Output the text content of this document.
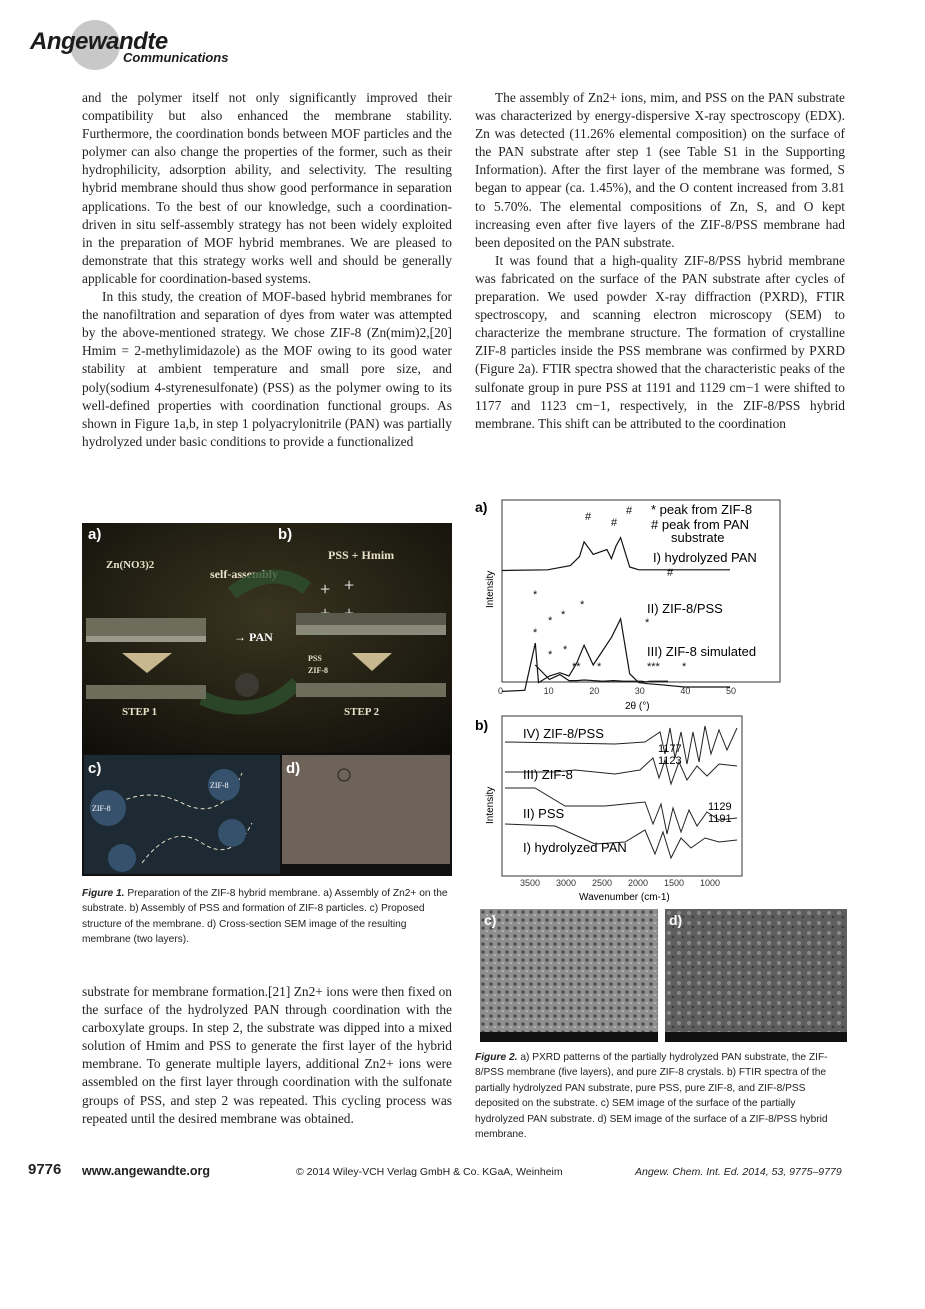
Angewandte
Communications

and the polymer itself not only significantly improved their compatibility but also enhanced the membrane stability. Furthermore, the coordination bonds between MOF particles and the polymer can also change the properties of the former, such as their hydrophilicity, adsorption ability, and selectivity. The resulting hybrid membrane should thus show good performance in separation applications. To the best of our knowledge, such a coordination-driven in situ self-assembly strategy has not been widely exploited in the preparation of MOF hybrid membranes. We are pleased to demonstrate that this strategy works well and should be generally applicable for coordination-based systems.

In this study, the creation of MOF-based hybrid membranes for the nanofiltration and separation of dyes from water was attempted by the above-mentioned strategy. We chose ZIF-8 (Zn(mim)2,[20] Hmim = 2-methylimidazole) as the MOF owing to its good water stability at ambient temperature and small pore size, and poly(sodium 4-styrenesulfonate) (PSS) as the polymer owing to its well-defined properties with coordination functional groups. As shown in Figure 1a,b, in step 1 polyacrylonitrile (PAN) was partially hydrolyzed under basic conditions to provide a functionalized

The assembly of Zn2+ ions, mim, and PSS on the PAN substrate was characterized by energy-dispersive X-ray spectroscopy (EDX). Zn was detected (11.26% elemental composition) on the surface of the PAN substrate after step 1 (see Table S1 in the Supporting Information). After the first layer of the membrane was formed, S began to appear (ca. 1.45%), and the O content increased from 3.81 to 5.70%. The elemental compositions of Zn, S, and O kept increasing even after five layers of the ZIF-8/PSS membrane had been deposited on the PAN substrate.

It was found that a high-quality ZIF-8/PSS hybrid membrane was fabricated on the surface of the PAN substrate after cycles of preparation. We used powder X-ray diffraction (PXRD), FTIR spectroscopy, and scanning electron microscopy (SEM) to characterize the membrane structure. The formation of crystalline ZIF-8 particles inside the PSS membrane was confirmed by PXRD (Figure 2a). FTIR spectra showed that the characteristic peaks of the sulfonate group in pure PSS at 1191 and 1129 cm−1 were shifted to 1177 and 1123 cm−1, respectively, in the ZIF-8/PSS hybrid membrane. This shift can be attributed to the coordination

substrate for membrane formation.[21] Zn2+ ions were then fixed on the surface of the hydrolyzed PAN through coordination with the carboxylate groups. In step 2, the substrate was dipped into a mixed solution of Hmim and PSS to generate the first layer of the hybrid membrane. To generate multiple layers, additional Zn2+ ions were assembled on the first layer through coordination with the sulfonate groups of PSS, and step 2 was repeated. This cycling process was repeated until the desired membrane was obtained.

a)	b)
Zn(NO3)2
self-assembly
PSS + Hmim
+ +
→ PAN
PSS
ZIF-8
STEP 1	STEP 2
c)
ZIF-8
ZIF-8
d)
Figure 1. Preparation of the ZIF-8 hybrid membrane. a) Assembly of Zn2+ on the substrate. b) Assembly of PSS and formation of ZIF-8 particles. c) Proposed structure of the membrane. d) Cross-section SEM image of the resulting membrane (two layers).
a)
Intensity
0	10	20	30	40	50
2θ (°)
* peak from ZIF-8
# peak from PAN
substrate
I) hydrolyzed PAN
II) ZIF-8/PSS
III) ZIF-8 simulated
# #
#
#
*
* *
*
*
*
* *
** *	*** *
b)
Intensity
3500 3000 2500 2000 1500 1000
Wavenumber (cm-1)
IV) ZIF-8/PSS
III) ZIF-8
II) PSS
I) hydrolyzed PAN
1177
1123
1129
1191
c)	d)
Figure 2. a) PXRD patterns of the partially hydrolyzed PAN substrate, the ZIF-8/PSS membrane (five layers), and pure ZIF-8 crystals. b) FTIR spectra of the partially hydrolyzed PAN substrate, pure PSS, pure ZIF-8, and ZIF-8/PSS deposited on the substrate. c) SEM image of the surface of the partially hydrolyzed PAN substrate. d) SEM image of the surface of a ZIF-8/PSS hybrid membrane.
9776 www.angewandte.org	© 2014 Wiley-VCH Verlag GmbH & Co. KGaA, Weinheim	Angew. Chem. Int. Ed. 2014, 53, 9775–9779
